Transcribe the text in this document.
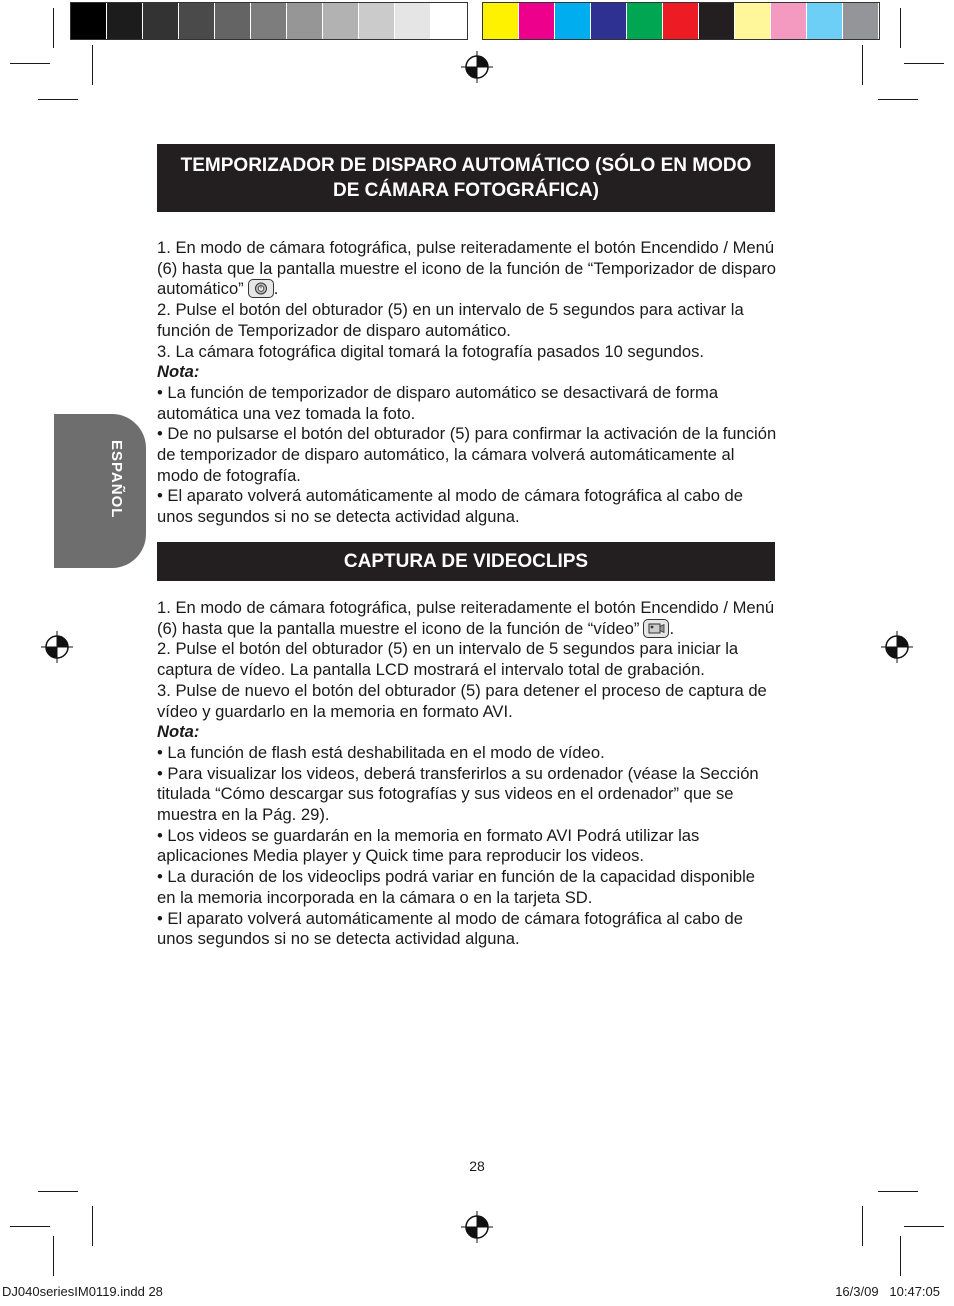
ESPAÑOL
TEMPORIZADOR DE DISPARO AUTOMÁTICO (SÓLO EN MODO DE CÁMARA FOTOGRÁFICA)

1. En modo de cámara fotográfica, pulse reiteradamente el botón Encendido / Menú (6) hasta que la pantalla muestre el icono de la función de “Temporizador de disparo automático” .

2. Pulse el botón del obturador (5) en un intervalo de 5 segundos para activar la función de Temporizador de disparo automático.

3. La cámara fotográfica digital tomará la fotografía pasados 10 segundos.

Nota:

• La función de temporizador de disparo automático se desactivará de forma automática una vez tomada la foto.

• De no pulsarse el botón del obturador (5) para confirmar la activación de la función de temporizador de disparo automático, la cámara volverá automáticamente al modo de fotografía.

• El aparato volverá automáticamente al modo de cámara fotográfica al cabo de unos segundos si no se detecta actividad alguna.

CAPTURA DE VIDEOCLIPS

1. En modo de cámara fotográfica, pulse reiteradamente el botón Encendido / Menú (6) hasta que la pantalla muestre el icono de la función de “vídeo” .

2. Pulse el botón del obturador (5) en un intervalo de 5 segundos para iniciar la captura de vídeo. La pantalla LCD mostrará el intervalo total de grabación.

3. Pulse de nuevo el botón del obturador (5) para detener el proceso de captura de vídeo y guardarlo en la memoria en formato AVI.

Nota:

• La función de flash está deshabilitada en el modo de vídeo.

• Para visualizar los videos, deberá transferirlos a su ordenador (véase la Sección titulada “Cómo descargar sus fotografías y sus videos en el ordenador” que se muestra en la Pág. 29).

• Los videos se guardarán en la memoria en formato AVI Podrá utilizar las aplicaciones Media player y Quick time para reproducir los videos.

• La duración de los videoclips podrá variar en función de la capacidad disponible en la memoria incorporada en la cámara o en la tarjeta SD.

• El aparato volverá automáticamente al modo de cámara fotográfica al cabo de unos segundos si no se detecta actividad alguna.

28
DJ040seriesIM0119.indd 28	16/3/09   10:47:05
